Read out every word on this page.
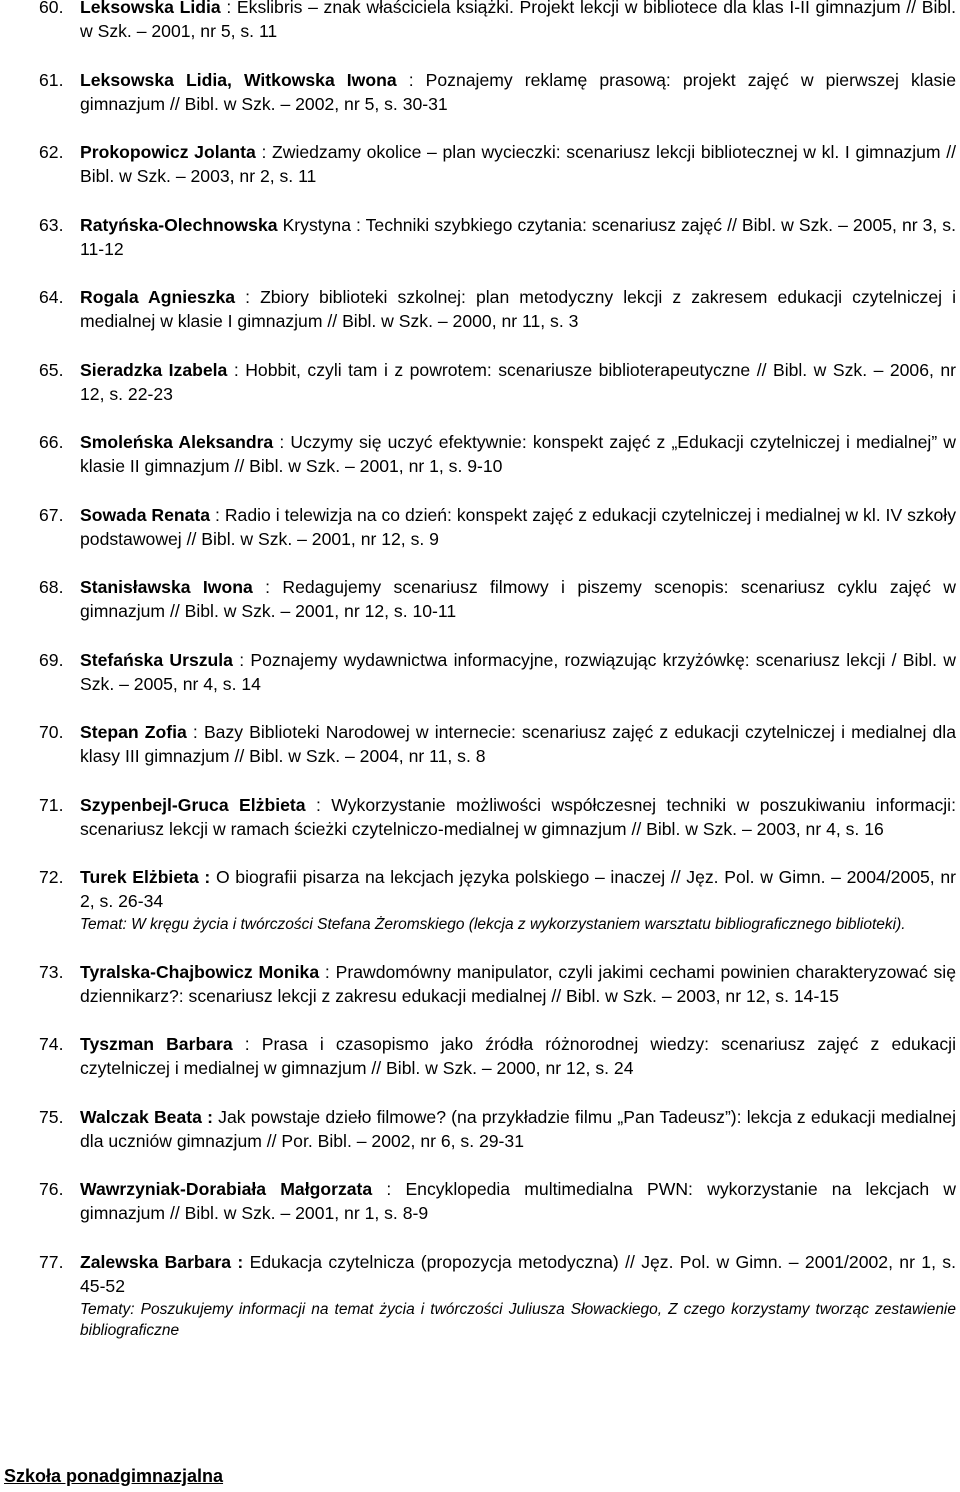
60. Leksowska Lidia : Ekslibris – znak właściciela książki. Projekt lekcji w bibliotece dla klas I-II gimnazjum // Bibl. w Szk. – 2001, nr 5, s. 11
61. Leksowska Lidia, Witkowska Iwona : Poznajemy reklamę prasową: projekt zajęć w pierwszej klasie gimnazjum // Bibl. w Szk. – 2002, nr 5, s. 30-31
62. Prokopowicz Jolanta : Zwiedzamy okolice – plan wycieczki: scenariusz lekcji bibliotecznej w kl. I gimnazjum // Bibl. w Szk. – 2003, nr 2, s. 11
63. Ratyńska-Olechnowska Krystyna : Techniki szybkiego czytania: scenariusz zajęć // Bibl. w Szk. – 2005, nr 3, s. 11-12
64. Rogala Agnieszka : Zbiory biblioteki szkolnej: plan metodyczny lekcji z zakresem edukacji czytelniczej i medialnej w klasie I gimnazjum // Bibl. w Szk. – 2000, nr 11, s. 3
65. Sieradzka Izabela : Hobbit, czyli tam i z powrotem: scenariusze biblioterapeutyczne // Bibl. w Szk. – 2006, nr 12, s. 22-23
66. Smoleńska Aleksandra : Uczymy się uczyć efektywnie: konspekt zajęć z „Edukacji czytelniczej i medialnej” w klasie II gimnazjum // Bibl. w Szk. – 2001, nr 1, s. 9-10
67. Sowada Renata : Radio i telewizja na co dzień: konspekt zajęć z edukacji czytelniczej i medialnej w kl. IV szkoły podstawowej // Bibl. w Szk. – 2001, nr 12, s. 9
68. Stanisławska Iwona : Redagujemy scenariusz filmowy i piszemy scenopis: scenariusz cyklu zajęć w gimnazjum // Bibl. w Szk. – 2001, nr 12, s. 10-11
69. Stefańska Urszula : Poznajemy wydawnictwa informacyjne, rozwiązując krzyżówkę: scenariusz lekcji / Bibl. w Szk. – 2005, nr 4, s. 14
70. Stepan Zofia : Bazy Biblioteki Narodowej w internecie: scenariusz zajęć z edukacji czytelniczej i medialnej dla klasy III gimnazjum // Bibl. w Szk. – 2004, nr 11, s. 8
71. Szypenbejl-Gruca Elżbieta : Wykorzystanie możliwości współczesnej techniki w poszukiwaniu informacji: scenariusz lekcji w ramach ścieżki czytelniczo-medialnej w gimnazjum // Bibl. w Szk. – 2003, nr 4, s. 16
72. Turek Elżbieta : O biografii pisarza na lekcjach języka polskiego – inaczej // Jęz. Pol. w Gimn. – 2004/2005, nr 2, s. 26-34
Temat: W kręgu życia i twórczości Stefana Żeromskiego (lekcja z wykorzystaniem warsztatu bibliograficznego biblioteki).
73. Tyralska-Chajbowicz Monika : Prawdomówny manipulator, czyli jakimi cechami powinien charakteryzować się dziennikarz?: scenariusz lekcji z zakresu edukacji medialnej // Bibl. w Szk. – 2003, nr 12, s. 14-15
74. Tyszman Barbara : Prasa i czasopismo jako źródła różnorodnej wiedzy: scenariusz zajęć z edukacji czytelniczej i medialnej w gimnazjum // Bibl. w Szk. – 2000, nr 12, s. 24
75. Walczak Beata : Jak powstaje dzieło filmowe? (na przykładzie filmu „Pan Tadeusz”): lekcja z edukacji medialnej dla uczniów gimnazjum // Por. Bibl. – 2002, nr 6, s. 29-31
76. Wawrzyniak-Dorabiała Małgorzata : Encyklopedia multimedialna PWN: wykorzystanie na lekcjach w gimnazjum // Bibl. w Szk. – 2001, nr 1, s. 8-9
77. Zalewska Barbara : Edukacja czytelnicza (propozycja metodyczna) // Jęz. Pol. w Gimn. – 2001/2002, nr 1, s. 45-52
Tematy: Poszukujemy informacji na temat życia i twórczości Juliusza Słowackiego, Z czego korzystamy tworząc zestawienie bibliograficzne
Szkoła ponadgimnazjalna
